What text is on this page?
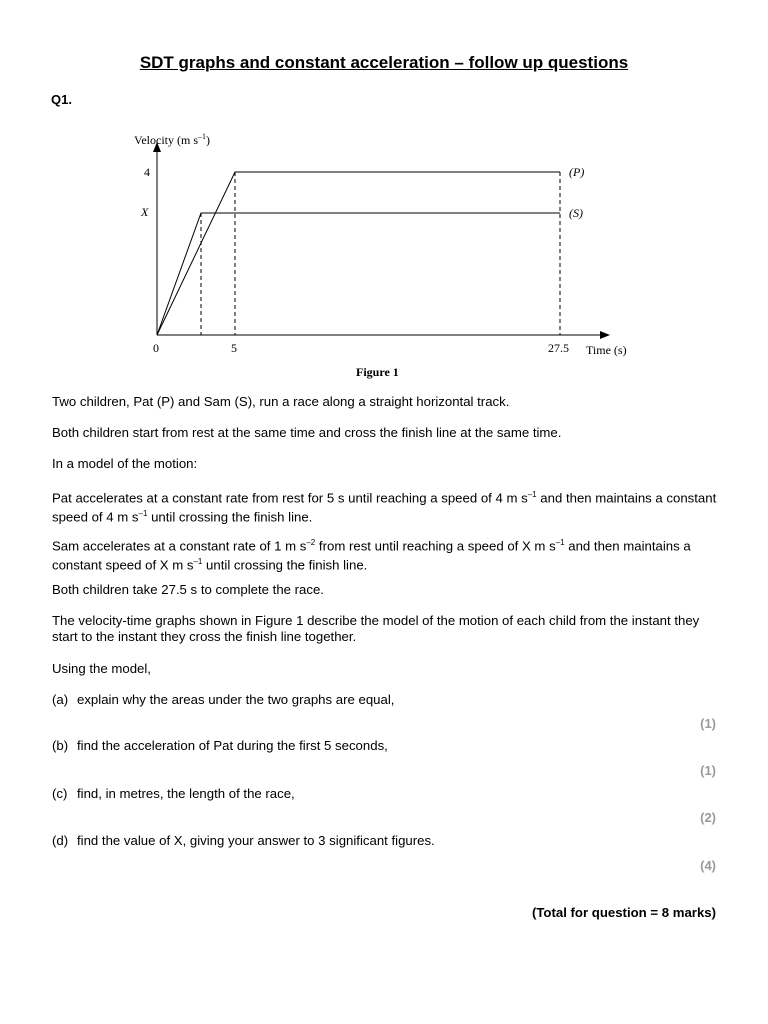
SDT graphs and constant acceleration – follow up questions
Q1.
Velocity (m $s^{-1}$)
Time (s)
4
X
0	5	27.5
(P)
(S)
Figure 1
Two children, Pat (P) and Sam (S), run a race along a straight horizontal track.
Both children start from rest at the same time and cross the finish line at the same time.
In a model of the motion:
Pat accelerates at a constant rate from rest for 5 s until reaching a speed of 4 m $s^{-1}$ and then maintains a constant speed of 4 m $s^{-1}$ until crossing the finish line.
Sam accelerates at a constant rate of 1 m $s^{-2}$ from rest until reaching a speed of X m $s^{-1}$ and then maintains a constant speed of X m $s^{-1}$ until crossing the finish line.
Both children take 27.5 s to complete the race.
The velocity-time graphs shown in Figure 1 describe the model of the motion of each child from the instant they start to the instant they cross the finish line together.
Using the model,
(a) explain why the areas under the two graphs are equal,
(1)
(b) find the acceleration of Pat during the first 5 seconds,
(1)
(c) find, in metres, the length of the race,
(2)
(d) find the value of X, giving your answer to 3 significant figures.
(4)
(Total for question = 8 marks)
